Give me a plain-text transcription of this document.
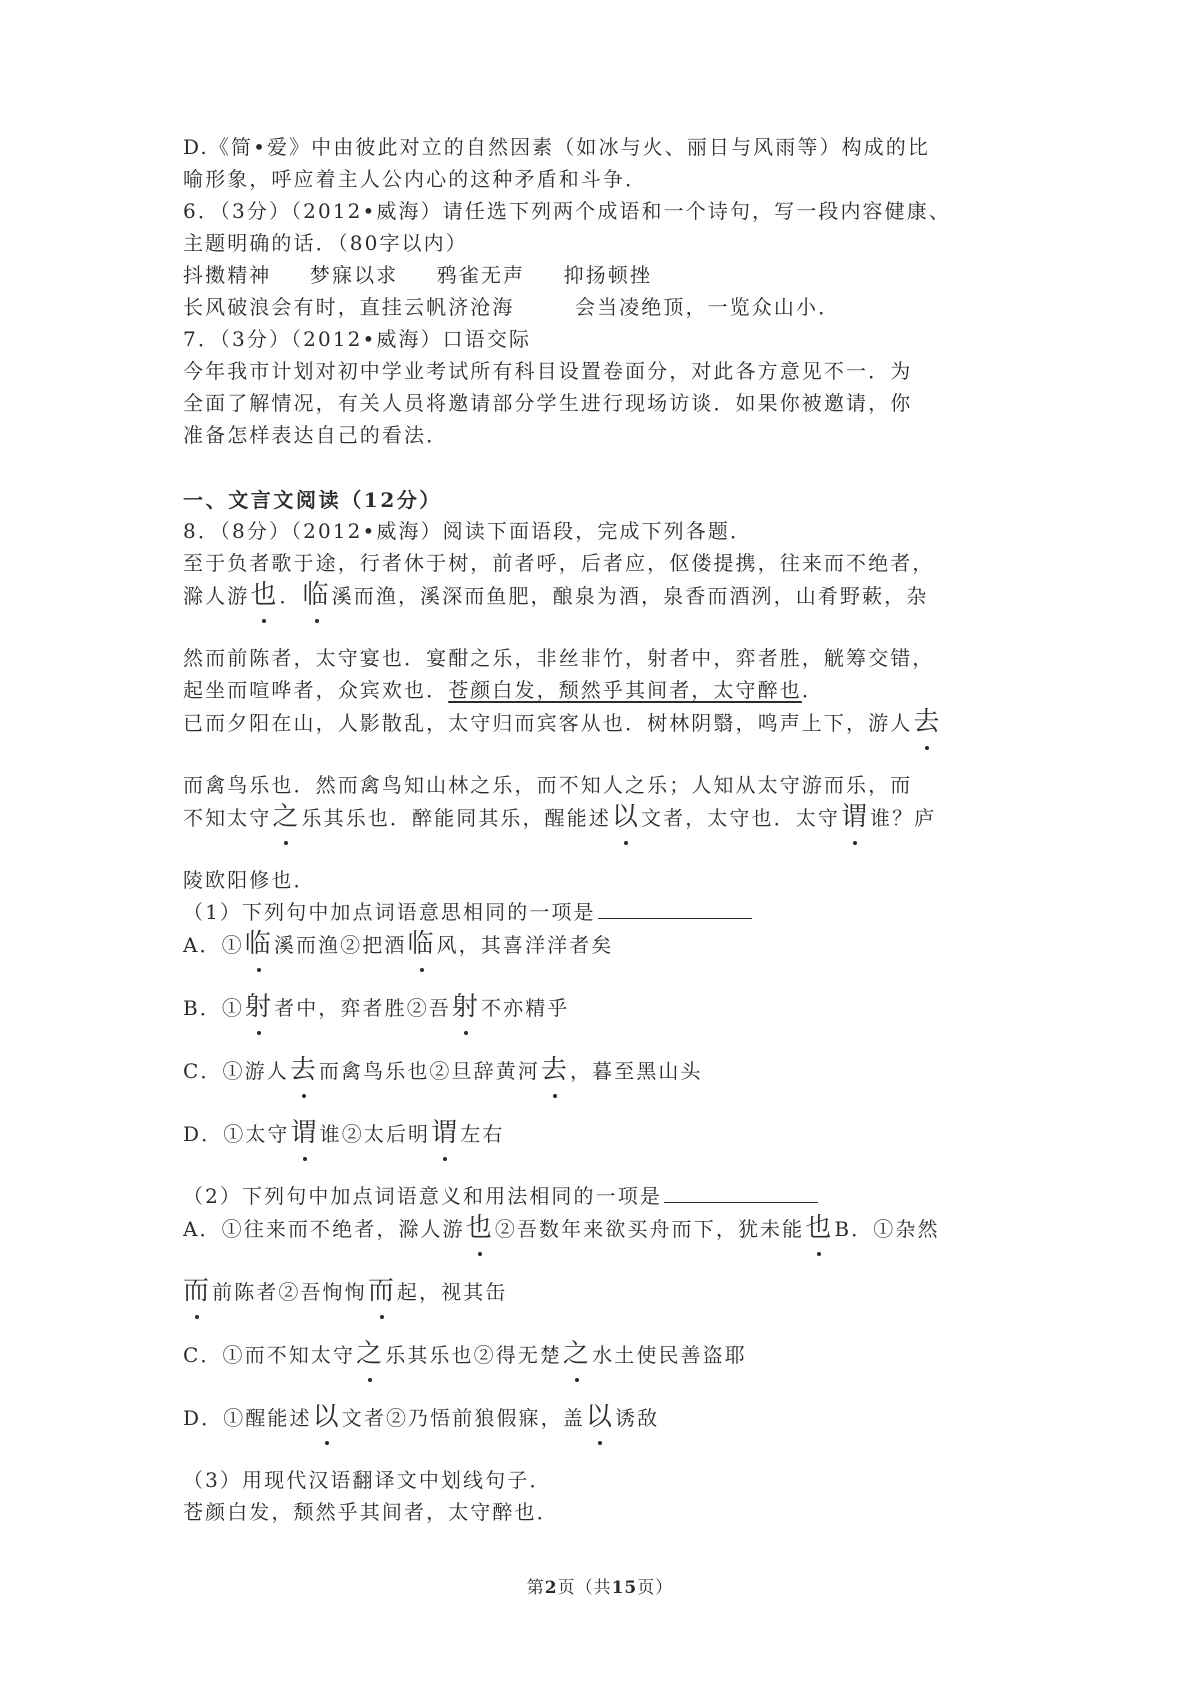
D.《简•爱》中由彼此对立的自然因素（如冰与火、丽日与风雨等）构成的比
喻形象，呼应着主人公内心的这种矛盾和斗争．
6．（3分）（2012•威海）请任选下列两个成语和一个诗句，写一段内容健康、
主题明确的话．（80字以内）
抖擞精神 梦寐以求 鸦雀无声 抑扬顿挫
长风破浪会有时，直挂云帆济沧海	会当凌绝顶，一览众山小．
7．（3分）（2012•威海）口语交际
今年我市计划对初中学业考试所有科目设置卷面分，对此各方意见不一．为
全面了解情况，有关人员将邀请部分学生进行现场访谈．如果你被邀请，你
准备怎样表达自己的看法．
一、文言文阅读（12分）
8．（8分）（2012•威海）阅读下面语段，完成下列各题．
至于负者歌于途，行者休于树，前者呼，后者应，伛偻提携，往来而不绝者，
滁人游也．临溪而渔，溪深而鱼肥，酿泉为酒，泉香而酒洌，山肴野蔌，杂
然而前陈者，太守宴也．宴酣之乐，非丝非竹，射者中，弈者胜，觥筹交错，
起坐而喧哗者，众宾欢也．苍颜白发，颓然乎其间者，太守醉也．
已而夕阳在山，人影散乱，太守归而宾客从也．树林阴翳，鸣声上下，游人去
而禽鸟乐也．然而禽鸟知山林之乐，而不知人之乐；人知从太守游而乐，而
不知太守之乐其乐也．醉能同其乐，醒能述以文者，太守也．太守谓谁？庐
陵欧阳修也．
（1）下列句中加点词语意思相同的一项是
A．①临溪而渔②把酒临风，其喜洋洋者矣
B．①射者中，弈者胜②吾射不亦精乎
C．①游人去而禽鸟乐也②旦辞黄河去，暮至黑山头
D．①太守谓谁②太后明谓左右
（2）下列句中加点词语意义和用法相同的一项是
A．①往来而不绝者，滁人游也②吾数年来欲买舟而下，犹未能也B．①杂然
而前陈者②吾恂恂而起，视其缶
C．①而不知太守之乐其乐也②得无楚之水土使民善盗耶
D．①醒能述以文者②乃悟前狼假寐，盖以诱敌
（3）用现代汉语翻译文中划线句子．
苍颜白发，颓然乎其间者，太守醉也．
第2页（共15页）
